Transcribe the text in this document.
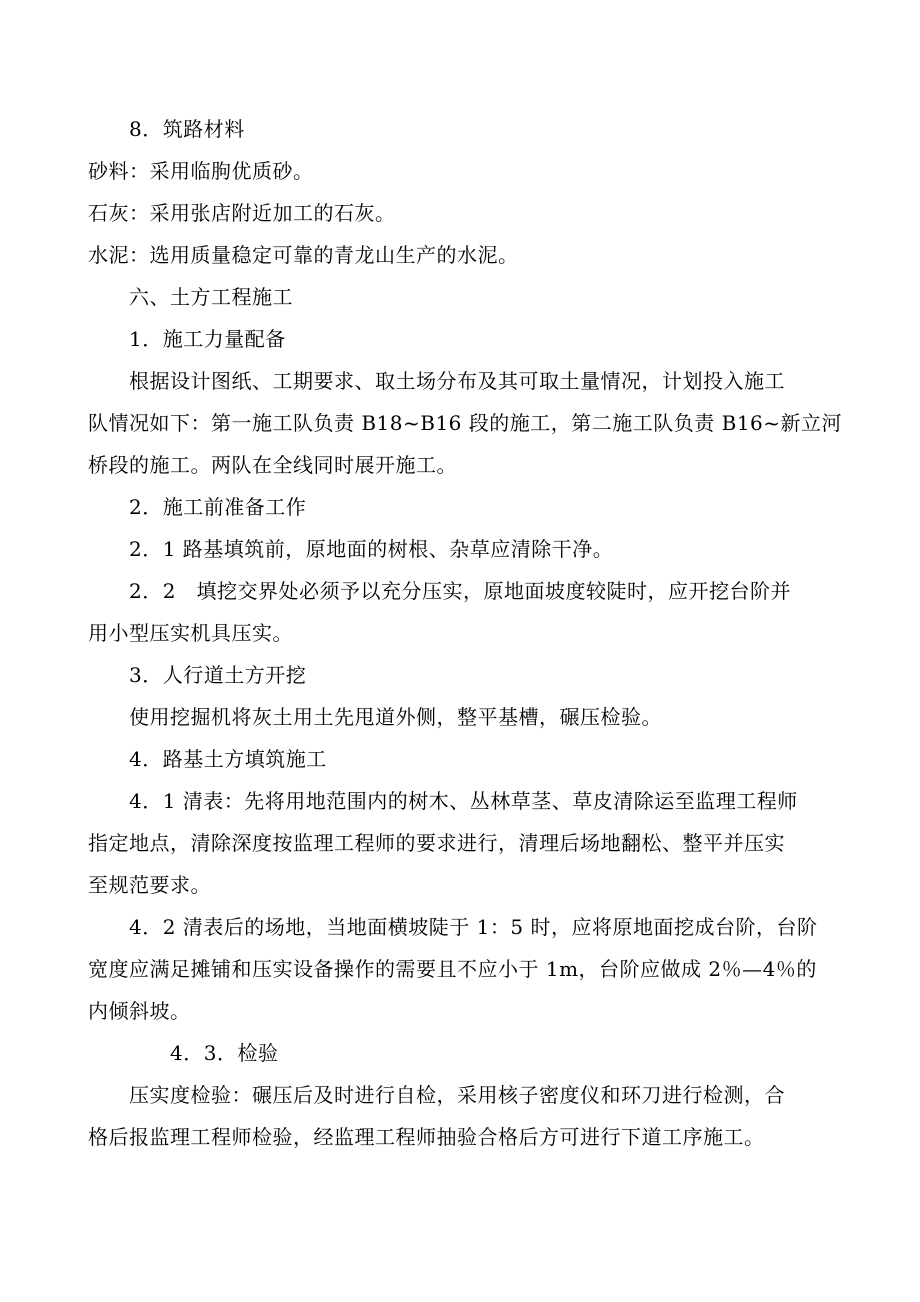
8．筑路材料
砂料：采用临朐优质砂。
石灰：采用张店附近加工的石灰。
水泥：选用质量稳定可靠的青龙山生产的水泥。
六、土方工程施工
1．施工力量配备
根据设计图纸、工期要求、取土场分布及其可取土量情况，计划投入施工
队情况如下：第一施工队负责 B18~B16 段的施工，第二施工队负责 B16~新立河
桥段的施工。两队在全线同时展开施工。
2．施工前准备工作
2．1 路基填筑前，原地面的树根、杂草应清除干净。
2．2　填挖交界处必须予以充分压实，原地面坡度较陡时，应开挖台阶并
用小型压实机具压实。
3．人行道土方开挖
使用挖掘机将灰土用土先甩道外侧，整平基槽，碾压检验。
4．路基土方填筑施工
4．1 清表：先将用地范围内的树木、丛林草茎、草皮清除运至监理工程师
指定地点，清除深度按监理工程师的要求进行，清理后场地翻松、整平并压实
至规范要求。
4．2 清表后的场地，当地面横坡陡于 1：5 时，应将原地面挖成台阶，台阶
宽度应满足摊铺和压实设备操作的需要且不应小于 1m，台阶应做成 2％—4％的
内倾斜坡。
4．3．检验
压实度检验：碾压后及时进行自检，采用核子密度仪和环刀进行检测，合
格后报监理工程师检验，经监理工程师抽验合格后方可进行下道工序施工。
